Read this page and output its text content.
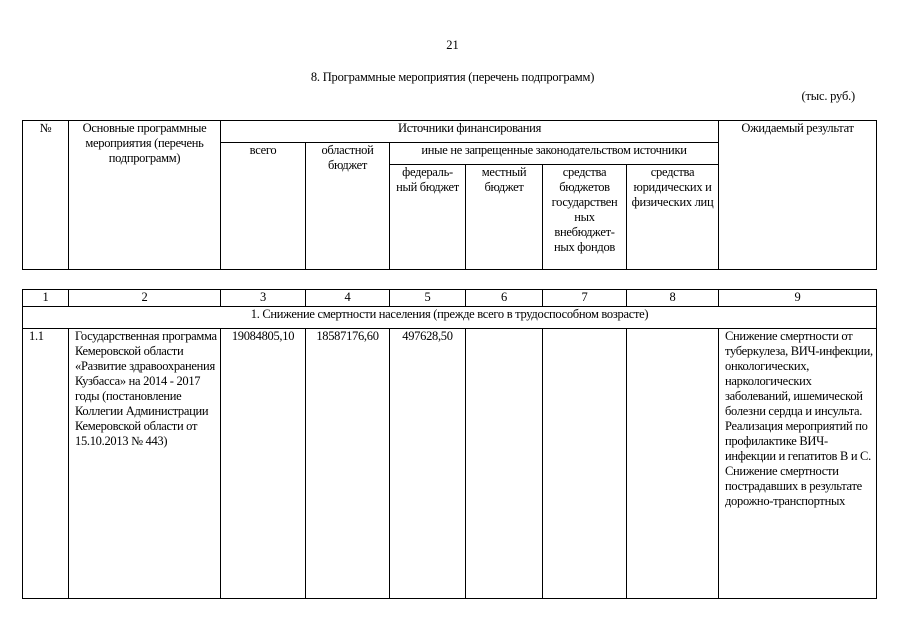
21
8. Программные мероприятия (перечень подпрограмм)
(тыс. руб.)
№	Основные программные мероприятия (перечень подпрограмм)	Источники финансирования						Ожидаемый результат
		всего	областной бюджет	иные не запрещенные законодательством источники				
				федераль-ный бюджет	местный бюджет	средства бюджетов государствен ных внебюджет-ных фондов	средства юридических и физических лиц	
1	2	3	4	5	6	7	8	9
1. Снижение смертности населения (прежде всего в трудоспособном возрасте)								
1.1	Государственная программа Кемеровской области «Развитие здравоохранения Кузбасса» на 2014 - 2017 годы (постановление Коллегии Администрации Кемеровской области от 15.10.2013 № 443)	19084805,10	18587176,60	497628,50				Снижение смертности от туберкулеза, ВИЧ-инфекции, онкологических, наркологических заболеваний, ишемической болезни сердца и инсульта. Реализация мероприятий по профилактике ВИЧ-инфекции и гепатитов В и С. Снижение смертности пострадавших в результате дорожно-транспортных
